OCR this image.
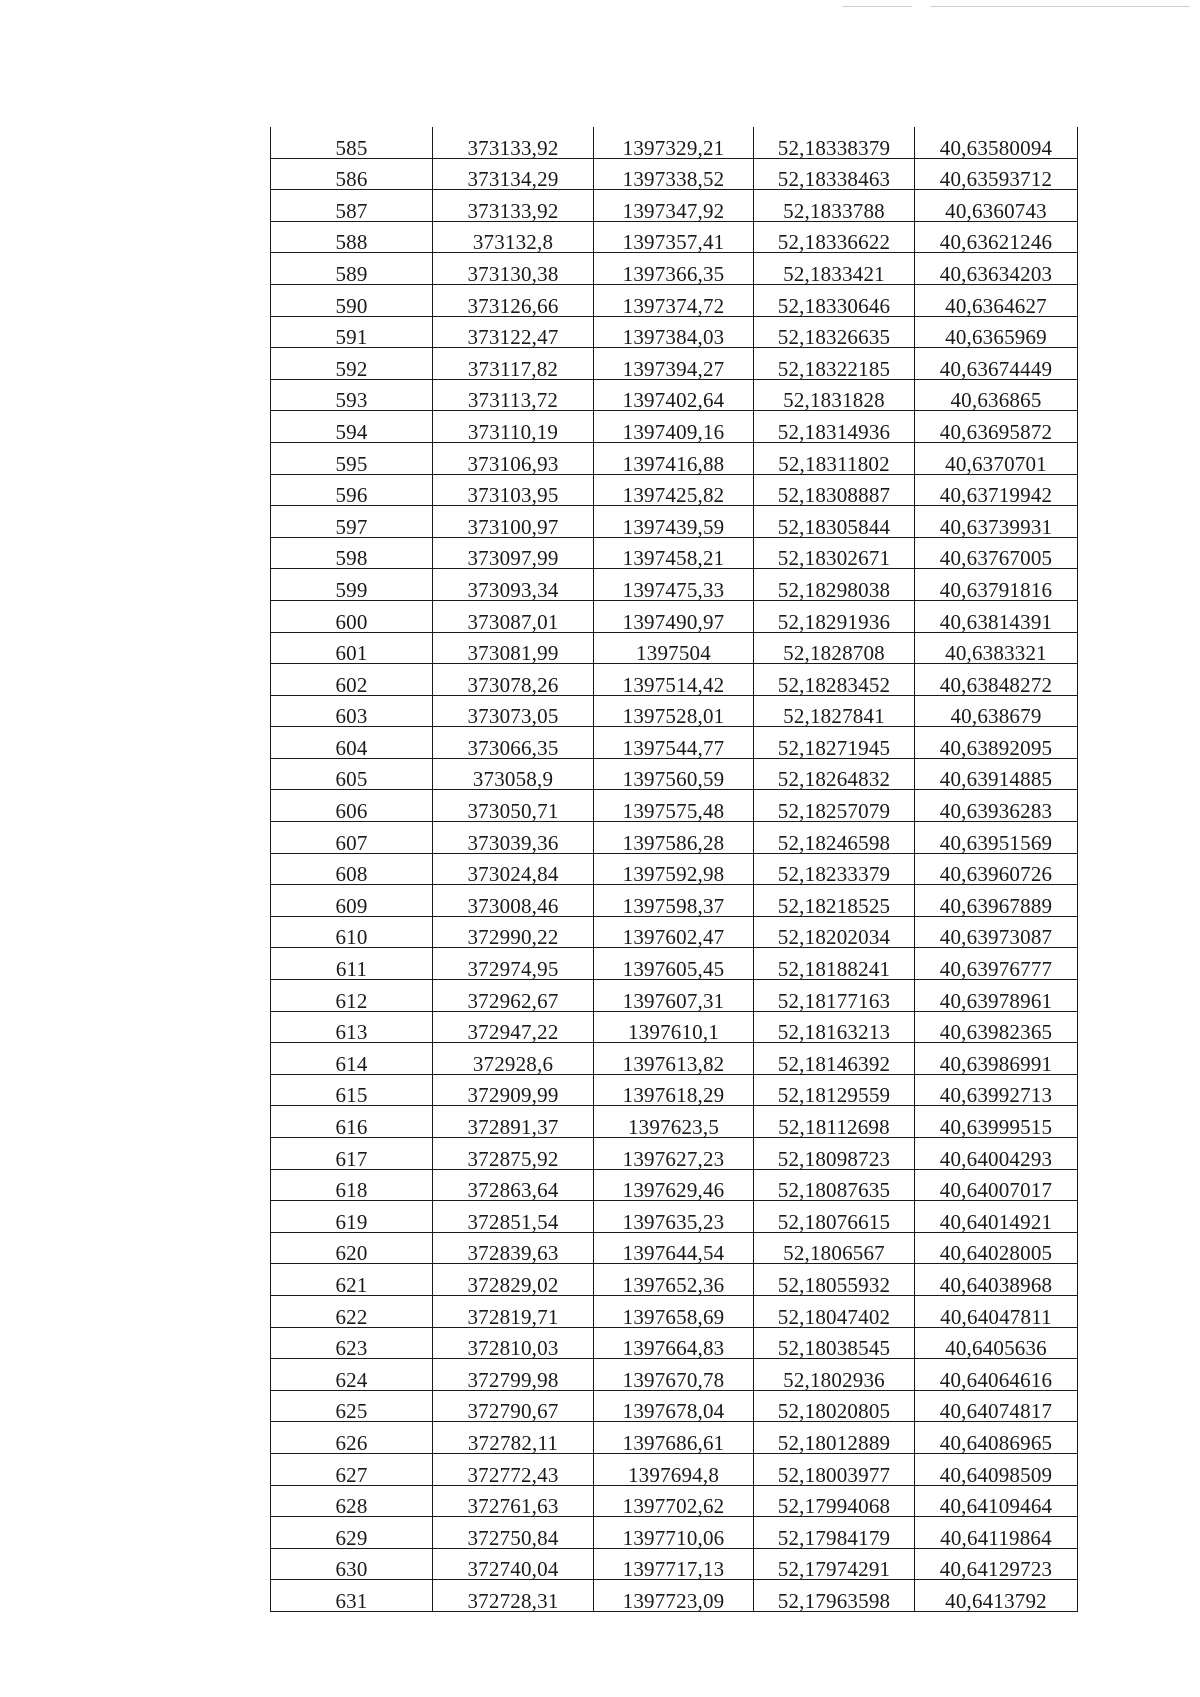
585	373133,92	1397329,21	52,18338379	40,63580094
586	373134,29	1397338,52	52,18338463	40,63593712
587	373133,92	1397347,92	52,1833788	40,6360743
588	373132,8	1397357,41	52,18336622	40,63621246
589	373130,38	1397366,35	52,1833421	40,63634203
590	373126,66	1397374,72	52,18330646	40,6364627
591	373122,47	1397384,03	52,18326635	40,6365969
592	373117,82	1397394,27	52,18322185	40,63674449
593	373113,72	1397402,64	52,1831828	40,636865
594	373110,19	1397409,16	52,18314936	40,63695872
595	373106,93	1397416,88	52,18311802	40,6370701
596	373103,95	1397425,82	52,18308887	40,63719942
597	373100,97	1397439,59	52,18305844	40,63739931
598	373097,99	1397458,21	52,18302671	40,63767005
599	373093,34	1397475,33	52,18298038	40,63791816
600	373087,01	1397490,97	52,18291936	40,63814391
601	373081,99	1397504	52,1828708	40,6383321
602	373078,26	1397514,42	52,18283452	40,63848272
603	373073,05	1397528,01	52,1827841	40,638679
604	373066,35	1397544,77	52,18271945	40,63892095
605	373058,9	1397560,59	52,18264832	40,63914885
606	373050,71	1397575,48	52,18257079	40,63936283
607	373039,36	1397586,28	52,18246598	40,63951569
608	373024,84	1397592,98	52,18233379	40,63960726
609	373008,46	1397598,37	52,18218525	40,63967889
610	372990,22	1397602,47	52,18202034	40,63973087
611	372974,95	1397605,45	52,18188241	40,63976777
612	372962,67	1397607,31	52,18177163	40,63978961
613	372947,22	1397610,1	52,18163213	40,63982365
614	372928,6	1397613,82	52,18146392	40,63986991
615	372909,99	1397618,29	52,18129559	40,63992713
616	372891,37	1397623,5	52,18112698	40,63999515
617	372875,92	1397627,23	52,18098723	40,64004293
618	372863,64	1397629,46	52,18087635	40,64007017
619	372851,54	1397635,23	52,18076615	40,64014921
620	372839,63	1397644,54	52,1806567	40,64028005
621	372829,02	1397652,36	52,18055932	40,64038968
622	372819,71	1397658,69	52,18047402	40,64047811
623	372810,03	1397664,83	52,18038545	40,6405636
624	372799,98	1397670,78	52,1802936	40,64064616
625	372790,67	1397678,04	52,18020805	40,64074817
626	372782,11	1397686,61	52,18012889	40,64086965
627	372772,43	1397694,8	52,18003977	40,64098509
628	372761,63	1397702,62	52,17994068	40,64109464
629	372750,84	1397710,06	52,17984179	40,64119864
630	372740,04	1397717,13	52,17974291	40,64129723
631	372728,31	1397723,09	52,17963598	40,6413792
